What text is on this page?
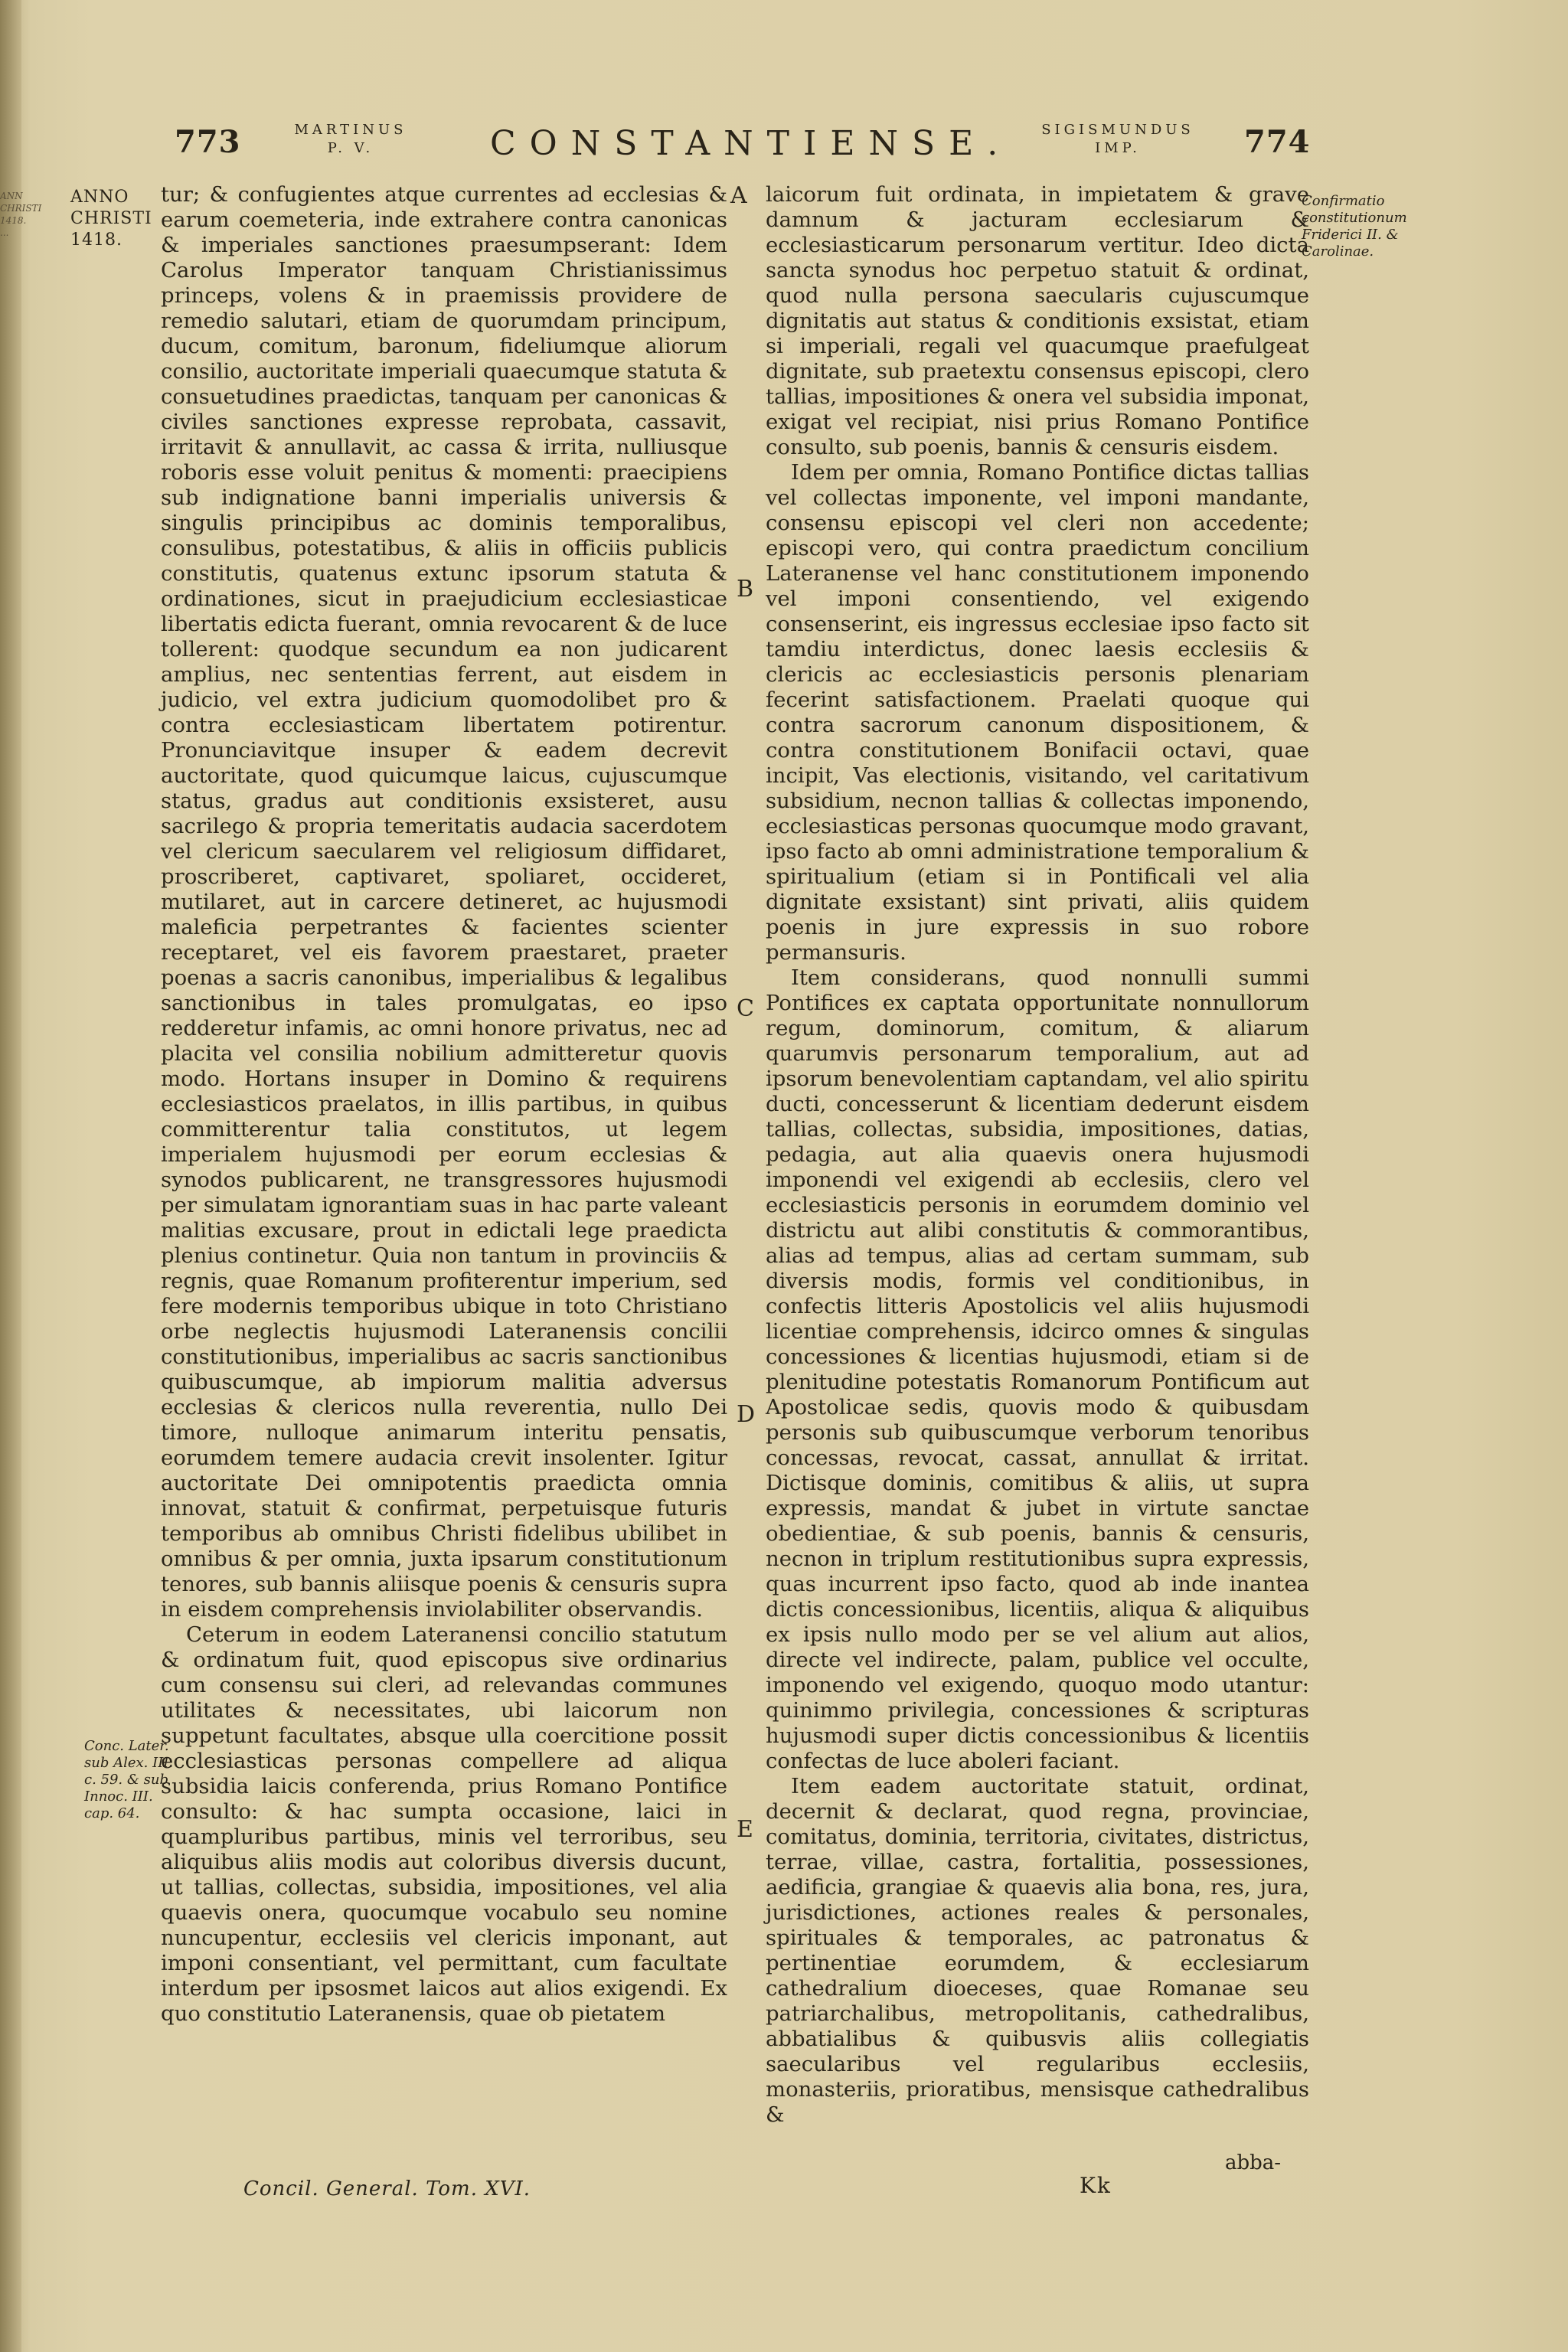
ANN CHRISTI 1418. ...
773	MARTINUS
P. V.	CONSTANTIENSE. SIGISMUNDUS
IMP.	774
ANNO
CHRISTI
1418.
Conc. Later. sub Alex. III. c. 59. & sub Innoc. III. cap. 64.
Confirmatio constitutionum Friderici II. & Carolinae.
A
B
C
D
E

tur; & confugientes atque currentes ad ecclesias & earum coemeteria, inde extrahere contra canonicas & imperiales sanctiones praesumpserant: Idem Carolus Imperator tanquam Christianissimus princeps, volens & in praemissis providere de remedio salutari, etiam de quorumdam principum, ducum, comitum, baronum, fideliumque aliorum consilio, auctoritate imperiali quaecumque statuta & consuetudines praedictas, tanquam per canonicas & civiles sanctiones expresse reprobata, cassavit, irritavit & annullavit, ac cassa & irrita, nulliusque roboris esse voluit penitus & momenti: praecipiens sub indignatione banni imperialis universis & singulis principibus ac dominis temporalibus, consulibus, potestatibus, & aliis in officiis publicis constitutis, quatenus extunc ipsorum statuta & ordinationes, sicut in praejudicium ecclesiasticae libertatis edicta fuerant, omnia revocarent & de luce tollerent: quodque secundum ea non judicarent amplius, nec sententias ferrent, aut eisdem in judicio, vel extra judicium quomodolibet pro & contra ecclesiasticam libertatem potirentur. Pronunciavitque insuper & eadem decrevit auctoritate, quod quicumque laicus, cujuscumque status, gradus aut conditionis exsisteret, ausu sacrilego & propria temeritatis audacia sacerdotem vel clericum saecularem vel religiosum diffidaret, proscriberet, captivaret, spoliaret, occideret, mutilaret, aut in carcere detineret, ac hujusmodi maleficia perpetrantes & facientes scienter receptaret, vel eis favorem praestaret, praeter poenas a sacris canonibus, imperialibus & legalibus sanctionibus in tales promulgatas, eo ipso redderetur infamis, ac omni honore privatus, nec ad placita vel consilia nobilium admitteretur quovis modo. Hortans insuper in Domino & requirens ecclesiasticos praelatos, in illis partibus, in quibus committerentur talia constitutos, ut legem imperialem hujusmodi per eorum ecclesias & synodos publicarent, ne transgressores hujusmodi per simulatam ignorantiam suas in hac parte valeant malitias excusare, prout in edictali lege praedicta plenius continetur. Quia non tantum in provinciis & regnis, quae Romanum profiterentur imperium, sed fere modernis temporibus ubique in toto Christiano orbe neglectis hujusmodi Lateranensis concilii constitutionibus, imperialibus ac sacris sanctionibus quibuscumque, ab impiorum malitia adversus ecclesias & clericos nulla reverentia, nullo Dei timore, nulloque animarum interitu pensatis, eorumdem temere audacia crevit insolenter. Igitur auctoritate Dei omnipotentis praedicta omnia innovat, statuit & confirmat, perpetuisque futuris temporibus ab omnibus Christi fidelibus ubilibet in omnibus & per omnia, juxta ipsarum constitutionum tenores, sub bannis aliisque poenis & censuris supra in eisdem comprehensis inviolabiliter observandis.

Ceterum in eodem Lateranensi concilio statutum & ordinatum fuit, quod episcopus sive ordinarius cum consensu sui cleri, ad relevandas communes utilitates & necessitates, ubi laicorum non suppetunt facultates, absque ulla coercitione possit ecclesiasticas personas compellere ad aliqua subsidia laicis conferenda, prius Romano Pontifice consulto: & hac sumpta occasione, laici in quampluribus partibus, minis vel terroribus, seu aliquibus aliis modis aut coloribus diversis ducunt, ut tallias, collectas, subsidia, impositiones, vel alia quaevis onera, quocumque vocabulo seu nomine nuncupentur, ecclesiis vel clericis imponant, aut imponi consentiant, vel permittant, cum facultate interdum per ipsosmet laicos aut alios exigendi. Ex quo constitutio Lateranensis, quae ob pietatem

laicorum fuit ordinata, in impietatem & grave damnum & jacturam ecclesiarum & ecclesiasticarum personarum vertitur. Ideo dicta sancta synodus hoc perpetuo statuit & ordinat, quod nulla persona saecularis cujuscumque dignitatis aut status & conditionis exsistat, etiam si imperiali, regali vel quacumque praefulgeat dignitate, sub praetextu consensus episcopi, clero tallias, impositiones & onera vel subsidia imponat, exigat vel recipiat, nisi prius Romano Pontifice consulto, sub poenis, bannis & censuris eisdem.

Idem per omnia, Romano Pontifice dictas tallias vel collectas imponente, vel imponi mandante, consensu episcopi vel cleri non accedente; episcopi vero, qui contra praedictum concilium Lateranense vel hanc constitutionem imponendo vel imponi consentiendo, vel exigendo consenserint, eis ingressus ecclesiae ipso facto sit tamdiu interdictus, donec laesis ecclesiis & clericis ac ecclesiasticis personis plenariam fecerint satisfactionem. Praelati quoque qui contra sacrorum canonum dispositionem, & contra constitutionem Bonifacii octavi, quae incipit, Vas electionis, visitando, vel caritativum subsidium, necnon tallias & collectas imponendo, ecclesiasticas personas quocumque modo gravant, ipso facto ab omni administratione temporalium & spiritualium (etiam si in Pontificali vel alia dignitate exsistant) sint privati, aliis quidem poenis in jure expressis in suo robore permansuris.

Item considerans, quod nonnulli summi Pontifices ex captata opportunitate nonnullorum regum, dominorum, comitum, & aliarum quarumvis personarum temporalium, aut ad ipsorum benevolentiam captandam, vel alio spiritu ducti, concesserunt & licentiam dederunt eisdem tallias, collectas, subsidia, impositiones, datias, pedagia, aut alia quaevis onera hujusmodi imponendi vel exigendi ab ecclesiis, clero vel ecclesiasticis personis in eorumdem dominio vel districtu aut alibi constitutis & commorantibus, alias ad tempus, alias ad certam summam, sub diversis modis, formis vel conditionibus, in confectis litteris Apostolicis vel aliis hujusmodi licentiae comprehensis, idcirco omnes & singulas concessiones & licentias hujusmodi, etiam si de plenitudine potestatis Romanorum Pontificum aut Apostolicae sedis, quovis modo & quibusdam personis sub quibuscumque verborum tenoribus concessas, revocat, cassat, annullat & irritat. Dictisque dominis, comitibus & aliis, ut supra expressis, mandat & jubet in virtute sanctae obedientiae, & sub poenis, bannis & censuris, necnon in triplum restitutionibus supra expressis, quas incurrent ipso facto, quod ab inde inantea dictis concessionibus, licentiis, aliqua & aliquibus ex ipsis nullo modo per se vel alium aut alios, directe vel indirecte, palam, publice vel occulte, imponendo vel exigendo, quoquo modo utantur: quinimmo privilegia, concessiones & scripturas hujusmodi super dictis concessionibus & licentiis confectas de luce aboleri faciant.

Item eadem auctoritate statuit, ordinat, decernit & declarat, quod regna, provinciae, comitatus, dominia, territoria, civitates, districtus, terrae, villae, castra, fortalitia, possessiones, aedificia, grangiae & quaevis alia bona, res, jura, jurisdictiones, actiones reales & personales, spirituales & temporales, ac patronatus & pertinentiae eorumdem, & ecclesiarum cathedralium dioeceses, quae Romanae seu patriarchalibus, metropolitanis, cathedralibus, abbatialibus & quibusvis aliis collegiatis saecularibus vel regularibus ecclesiis, monasteriis, prioratibus, mensisque cathedralibus &

Concil. General. Tom. XVI.	Kk
abba-
